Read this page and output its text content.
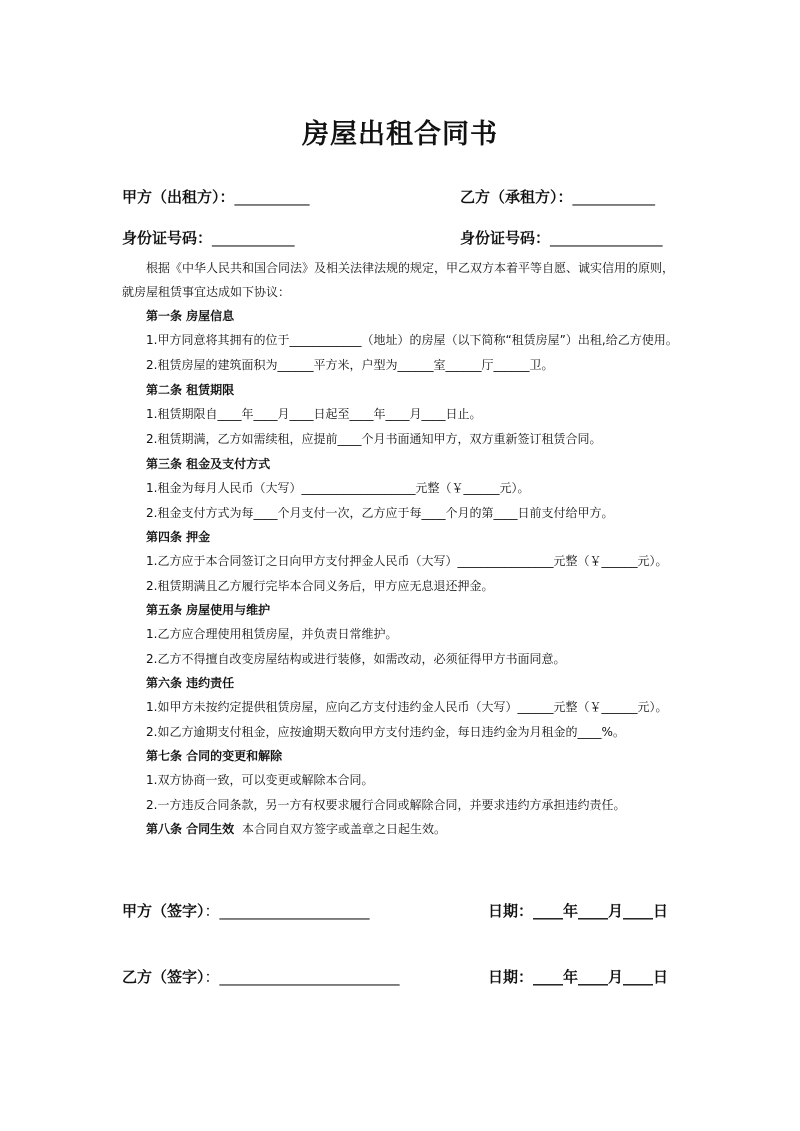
房屋出租合同书
甲方（出租方）：__________	乙方（承租方）：___________
身份证号码：___________	身份证号码：_______________
根据《中华人民共和国合同法》及相关法律法规的规定，甲乙双方本着平等自愿、诚实信用的原则，就房屋租赁事宜达成如下协议：
第一条 房屋信息
1.甲方同意将其拥有的位于____________（地址）的房屋（以下简称“租赁房屋”）出租,给乙方使用。
2.租赁房屋的建筑面积为______平方米，户型为______室______厅______卫。
第二条 租赁期限
1.租赁期限自____年____月____日起至____年____月____日止。
2.租赁期满，乙方如需续租，应提前____个月书面通知甲方，双方重新签订租赁合同。
第三条 租金及支付方式
1.租金为每月人民币（大写）___________________元整（￥______元）。
2.租金支付方式为每____个月支付一次，乙方应于每____个月的第____日前支付给甲方。
第四条 押金
1.乙方应于本合同签订之日向甲方支付押金人民币（大写）________________元整（￥______元）。
2.租赁期满且乙方履行完毕本合同义务后，甲方应无息退还押金。
第五条 房屋使用与维护
1.乙方应合理使用租赁房屋，并负责日常维护。
2.乙方不得擅自改变房屋结构或进行装修，如需改动，必须征得甲方书面同意。
第六条 违约责任
1.如甲方未按约定提供租赁房屋，应向乙方支付违约金人民币（大写）______元整（￥______元）。
2.如乙方逾期支付租金，应按逾期天数向甲方支付违约金，每日违约金为月租金的____%。
第七条 合同的变更和解除
1.双方协商一致，可以变更或解除本合同。
2.一方违反合同条款，另一方有权要求履行合同或解除合同，并要求违约方承担违约责任。
第八条 合同生效 本合同自双方签字或盖章之日起生效。
甲方（签字）：____________________	日期：____年____月____日
乙方（签字）：________________________	日期：____年____月____日
